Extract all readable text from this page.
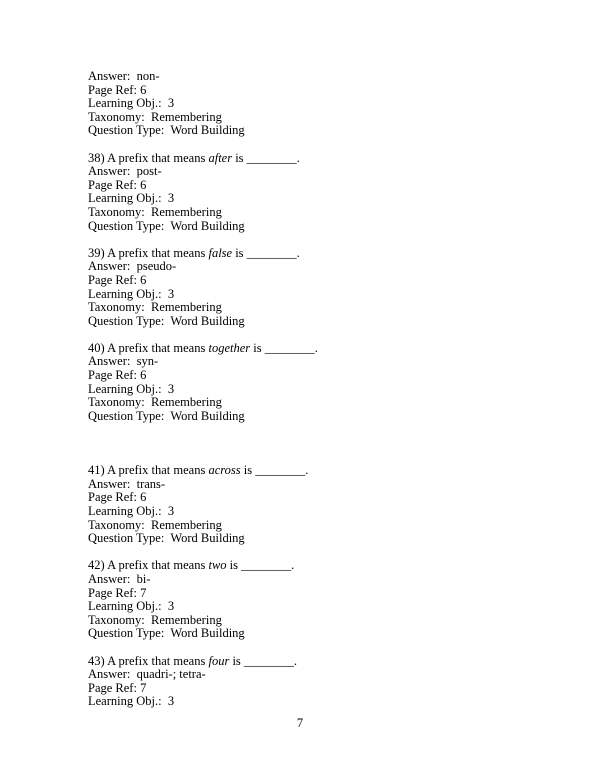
Answer:  non-
Page Ref: 6
Learning Obj.:  3
Taxonomy:  Remembering
Question Type:  Word Building
38) A prefix that means after is ________.
Answer:  post-
Page Ref: 6
Learning Obj.:  3
Taxonomy:  Remembering
Question Type:  Word Building
39) A prefix that means false is ________.
Answer:  pseudo-
Page Ref: 6
Learning Obj.:  3
Taxonomy:  Remembering
Question Type:  Word Building
40) A prefix that means together is ________.
Answer:  syn-
Page Ref: 6
Learning Obj.:  3
Taxonomy:  Remembering
Question Type:  Word Building
41) A prefix that means across is ________.
Answer:  trans-
Page Ref: 6
Learning Obj.:  3
Taxonomy:  Remembering
Question Type:  Word Building
42) A prefix that means two is ________.
Answer:  bi-
Page Ref: 7
Learning Obj.:  3
Taxonomy:  Remembering
Question Type:  Word Building
43) A prefix that means four is ________.
Answer:  quadri-; tetra-
Page Ref: 7
Learning Obj.:  3
7
